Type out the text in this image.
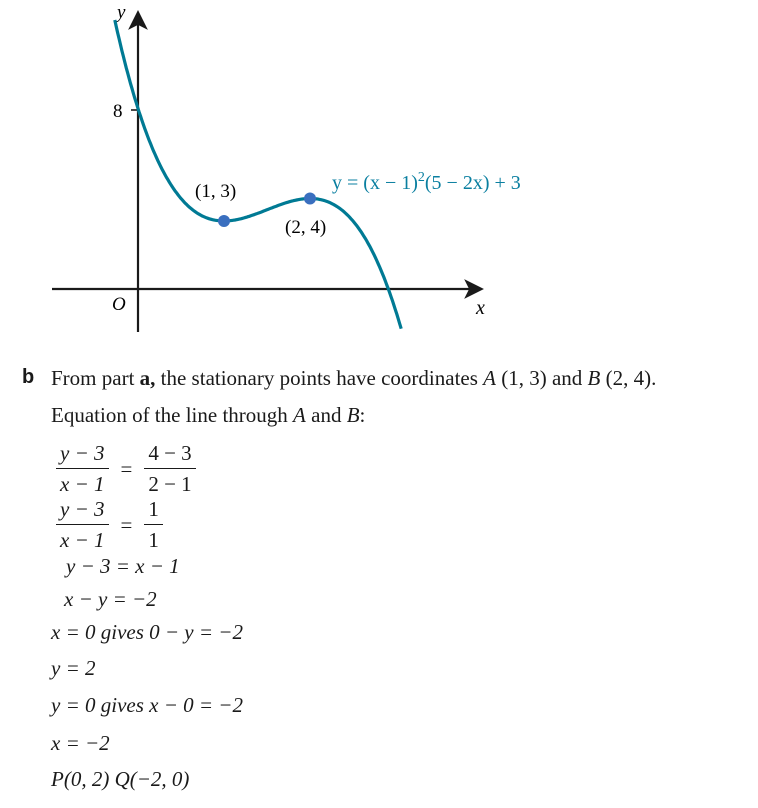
8
y
x
O
(1, 3)
(2, 4)
$y = (x - 1)^2(5 - 2x) + 3$
b From part a, the stationary points have coordinates A (1, 3) and B (2, 4).
Equation of the line through A and B:
$\frac{y - 3}{x - 1} = \frac{4 - 3}{2 - 1}$
$\frac{y - 3}{x - 1} = \frac{1}{1}$
y − 3 = x − 1
x − y = −2
x = 0 gives 0 − y = −2
y = 2
y = 0 gives x − 0 = −2
x = −2
P(0, 2) Q(−2, 0)
